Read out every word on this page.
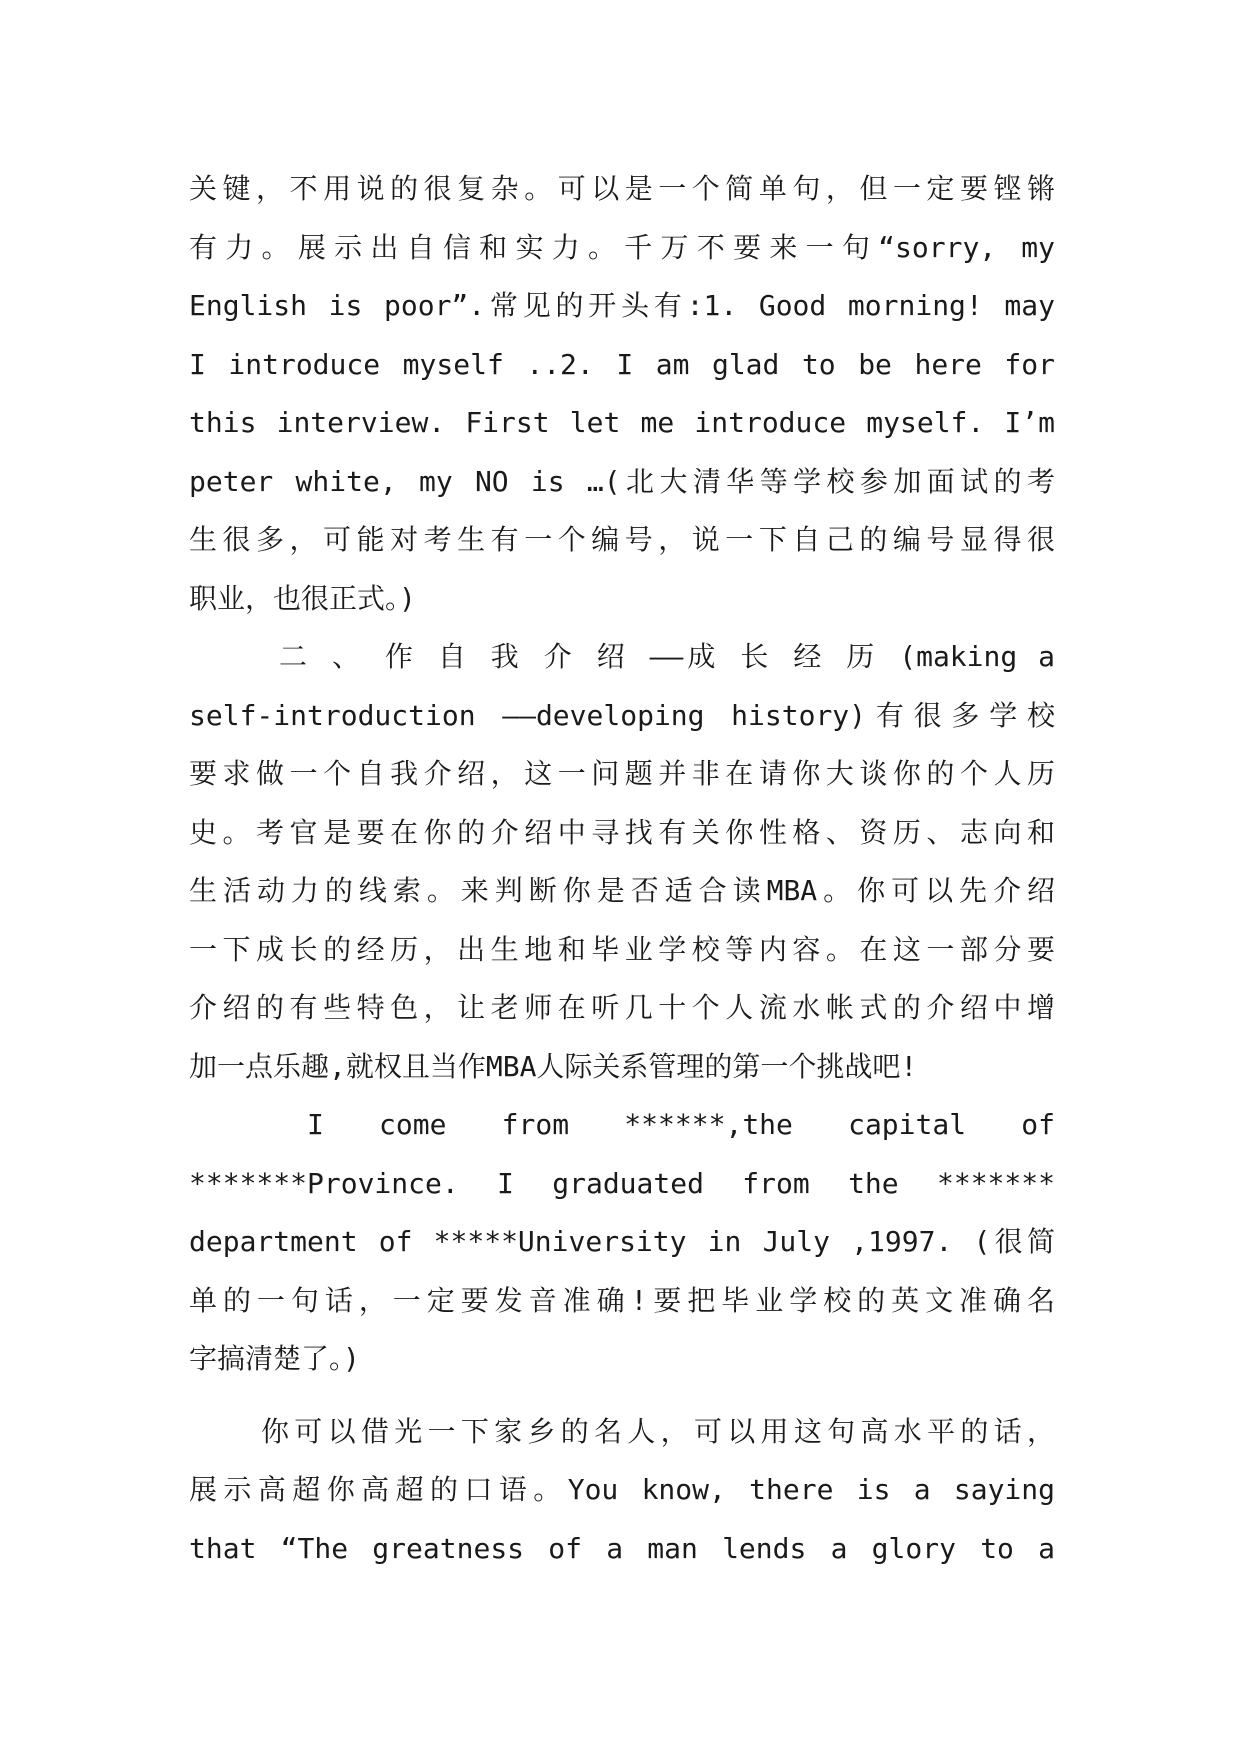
关键，不用说的很复杂。可以是一个简单句，但一定要铿锵
有力。展示出自信和实力。千万不要来一句“sorry, my
English is poor”.常见的开头有:1. Good morning! may
I introduce myself ..2. I am glad to be here for
this interview. First let me introduce myself. I’m
peter white, my NO is …(北大清华等学校参加面试的考
生很多，可能对考生有一个编号，说一下自己的编号显得很
职业，也很正式。)
二 、 作 自 我 介 绍 ——成 长 经 历 (making a
self-introduction ——developing history)有很多学校
要求做一个自我介绍，这一问题并非在请你大谈你的个人历
史。考官是要在你的介绍中寻找有关你性格、资历、志向和
生活动力的线索。来判断你是否适合读MBA。你可以先介绍
一下成长的经历，出生地和毕业学校等内容。在这一部分要
介绍的有些特色，让老师在听几十个人流水帐式的介绍中增
加一点乐趣,就权且当作MBA人际关系管理的第一个挑战吧!
I come from ******,the capital of
*******Province. I graduated from the *******
department of *****University in July ,1997. (很简
单的一句话，一定要发音准确!要把毕业学校的英文准确名
字搞清楚了。)
你可以借光一下家乡的名人，可以用这句高水平的话，
展示高超你高超的口语。You know, there is a saying
that “The greatness of a man lends a glory to a
